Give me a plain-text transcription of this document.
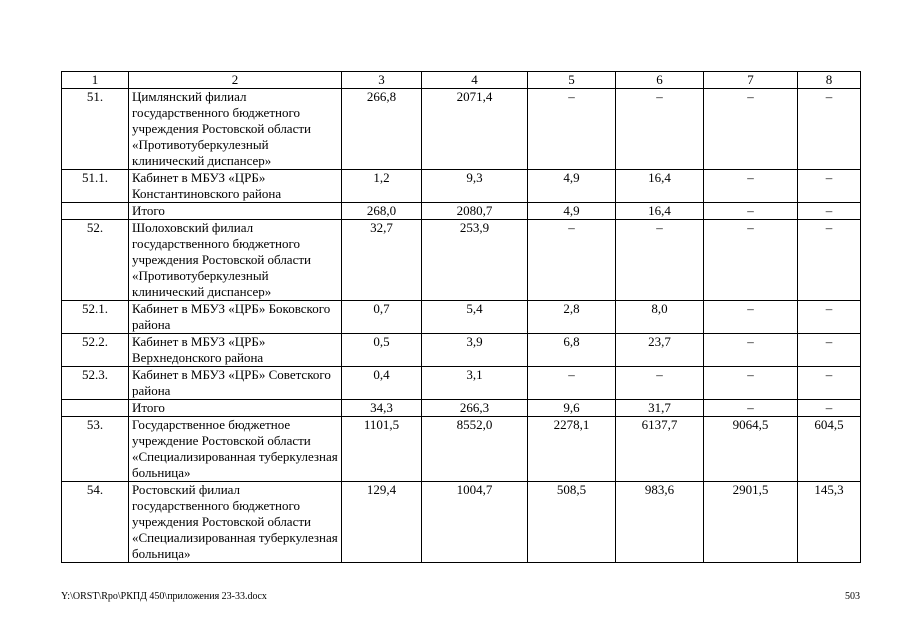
1	2	3	4	5	6	7	8
51.	Цимлянский филиал государственного бюджетного учреждения Ростовской области «Противотуберкулезный клинический диспансер»	266,8	2071,4	–	–	–	–
51.1.	Кабинет в МБУЗ «ЦРБ» Константиновского района	1,2	9,3	4,9	16,4	–	–
	Итого	268,0	2080,7	4,9	16,4	–	–
52.	Шолоховский филиал государственного бюджетного учреждения Ростовской области «Противотуберкулезный клинический диспансер»	32,7	253,9	–	–	–	–
52.1.	Кабинет в МБУЗ «ЦРБ» Боковского района	0,7	5,4	2,8	8,0	–	–
52.2.	Кабинет в МБУЗ «ЦРБ» Верхнедонского района	0,5	3,9	6,8	23,7	–	–
52.3.	Кабинет в МБУЗ «ЦРБ» Советского района	0,4	3,1	–	–	–	–
	Итого	34,3	266,3	9,6	31,7	–	–
53.	Государственное бюджетное учреждение Ростовской области «Специализированная туберкулезная больница»	1101,5	8552,0	2278,1	6137,7	9064,5	604,5
54.	Ростовский филиал государственного бюджетного учреждения Ростовской области «Специализированная туберкулезная больница»	129,4	1004,7	508,5	983,6	2901,5	145,3
Y:\ORST\Rpo\РКПД 450\приложения 23-33.docx	503
